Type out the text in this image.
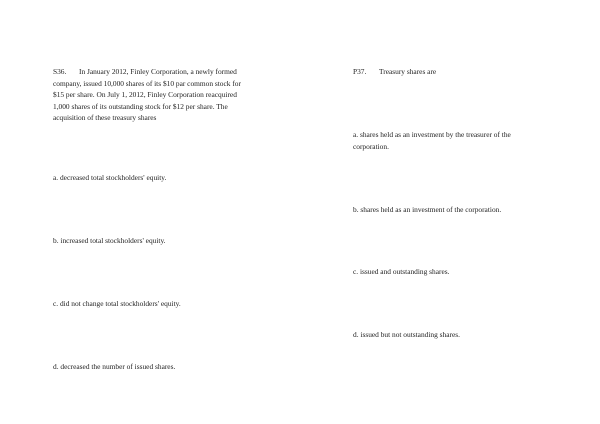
S36. In January 2012, Finley Corporation, a newly formed

company, issued 10,000 shares of its $10 par common stock for
$15 per share. On July 1, 2012, Finley Corporation reacquired
1,000 shares of its outstanding stock for $12 per share. The
acquisition of these treasury shares

a. decreased total stockholders' equity.

b. increased total stockholders' equity.

c. did not change total stockholders' equity.

d. decreased the number of issued shares.

P37. Treasury shares are

a. shares held as an investment by the treasurer of the corporation.

b. shares held as an investment of the corporation.

c. issued and outstanding shares.

d. issued but not outstanding shares.
